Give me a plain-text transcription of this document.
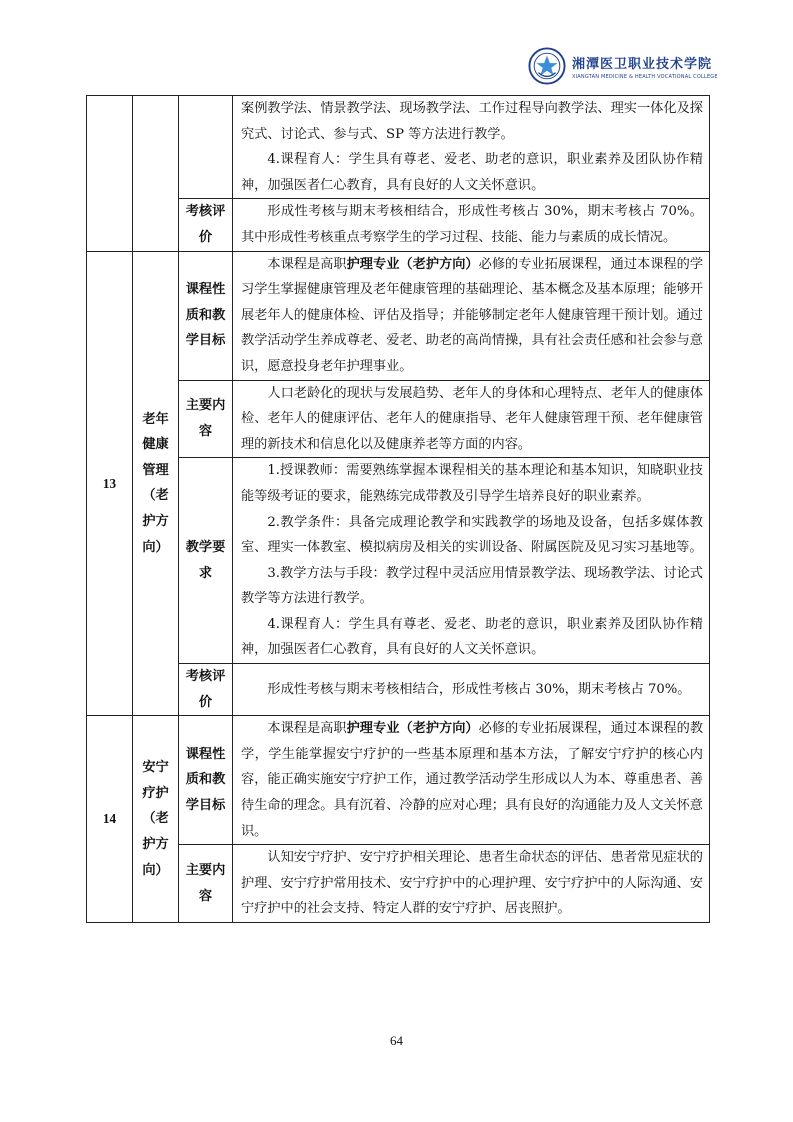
湘潭医卫职业技术学院
XIANGTAN MEDICINE & HEALTH VOCATIONAL COLLEGE

			案例教学法、情景教学法、现场教学法、工作过程导向教学法、理实一体化及探究式、讨论式、参与式、SP 等方法进行教学。

4.课程育人：学生具有尊老、爱老、助老的意识，职业素养及团队协作精神，加强医者仁心教育，具有良好的人文关怀意识。

		考核评价	形成性考核与期末考核相结合，形成性考核占 30%，期末考核占 70%。其中形成性考核重点考察学生的学习过程、技能、能力与素质的成长情况。

13	老年健康管理（老护方向）	课程性质和教学目标	本课程是高职护理专业（老护方向）必修的专业拓展课程，通过本课程的学习学生掌握健康管理及老年健康管理的基础理论、基本概念及基本原理；能够开展老年人的健康体检、评估及指导；并能够制定老年人健康管理干预计划。通过教学活动学生养成尊老、爱老、助老的高尚情操，具有社会责任感和社会参与意识，愿意投身老年护理事业。

		主要内容	人口老龄化的现状与发展趋势、老年人的身体和心理特点、老年人的健康体检、老年人的健康评估、老年人的健康指导、老年人健康管理干预、老年健康管理的新技术和信息化以及健康养老等方面的内容。

		教学要求	1.授课教师：需要熟练掌握本课程相关的基本理论和基本知识，知晓职业技能等级考证的要求，能熟练完成带教及引导学生培养良好的职业素养。

2.教学条件：具备完成理论教学和实践教学的场地及设备，包括多媒体教室、理实一体教室、模拟病房及相关的实训设备、附属医院及见习实习基地等。

3.教学方法与手段：教学过程中灵活应用情景教学法、现场教学法、讨论式教学等方法进行教学。

4.课程育人：学生具有尊老、爱老、助老的意识，职业素养及团队协作精神，加强医者仁心教育，具有良好的人文关怀意识。

		考核评价	形成性考核与期末考核相结合，形成性考核占 30%，期末考核占 70%。

14	安宁疗护（老护方向）	课程性质和教学目标	本课程是高职护理专业（老护方向）必修的专业拓展课程，通过本课程的教学，学生能掌握安宁疗护的一些基本原理和基本方法，了解安宁疗护的核心内容，能正确实施安宁疗护工作，通过教学活动学生形成以人为本、尊重患者、善待生命的理念。具有沉着、冷静的应对心理；具有良好的沟通能力及人文关怀意识。

		主要内容	认知安宁疗护、安宁疗护相关理论、患者生命状态的评估、患者常见症状的护理、安宁疗护常用技术、安宁疗护中的心理护理、安宁疗护中的人际沟通、安宁疗护中的社会支持、特定人群的安宁疗护、居丧照护。

64
